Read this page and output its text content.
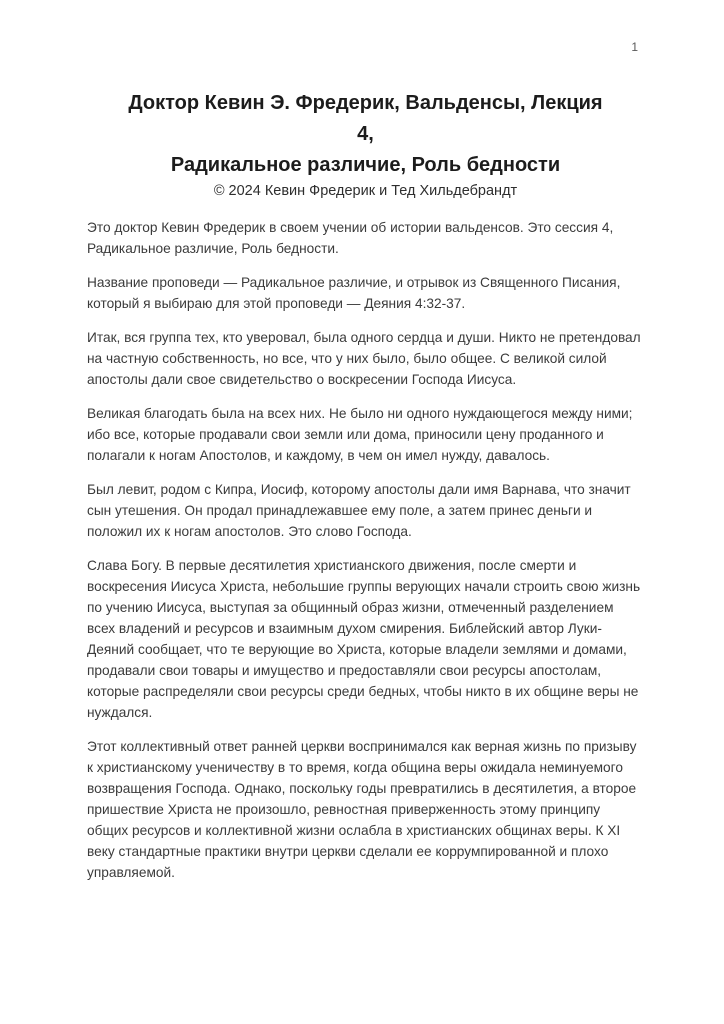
1
Доктор Кевин Э. Фредерик, Вальденсы, Лекция
4,
Радикальное различие, Роль бедности
© 2024 Кевин Фредерик и Тед Хильдебрандт

Это доктор Кевин Фредерик в своем учении об истории вальденсов. Это сессия 4, Радикальное различие, Роль бедности.

Название проповеди — Радикальное различие, и отрывок из Священного Писания, который я выбираю для этой проповеди — Деяния 4:32-37.

Итак, вся группа тех, кто уверовал, была одного сердца и души. Никто не претендовал на частную собственность, но все, что у них было, было общее. С великой силой апостолы дали свое свидетельство о воскресении Господа Иисуса.

Великая благодать была на всех них. Не было ни одного нуждающегося между ними; ибо все, которые продавали свои земли или дома, приносили цену проданного и полагали к ногам Апостолов, и каждому, в чем он имел нужду, давалось.

Был левит, родом с Кипра, Иосиф, которому апостолы дали имя Варнава, что значит сын утешения. Он продал принадлежавшее ему поле, а затем принес деньги и положил их к ногам апостолов. Это слово Господа.

Слава Богу. В первые десятилетия христианского движения, после смерти и воскресения Иисуса Христа, небольшие группы верующих начали строить свою жизнь по учению Иисуса, выступая за общинный образ жизни, отмеченный разделением всех владений и ресурсов и взаимным духом смирения. Библейский автор Луки-Деяний сообщает, что те верующие во Христа, которые владели землями и домами, продавали свои товары и имущество и предоставляли свои ресурсы апостолам, которые распределяли свои ресурсы среди бедных, чтобы никто в их общине веры не нуждался.

Этот коллективный ответ ранней церкви воспринимался как верная жизнь по призыву к христианскому ученичеству в то время, когда община веры ожидала неминуемого возвращения Господа. Однако, поскольку годы превратились в десятилетия, а второе пришествие Христа не произошло, ревностная приверженность этому принципу общих ресурсов и коллективной жизни ослабла в христианских общинах веры. К XI веку стандартные практики внутри церкви сделали ее коррумпированной и плохо управляемой.
